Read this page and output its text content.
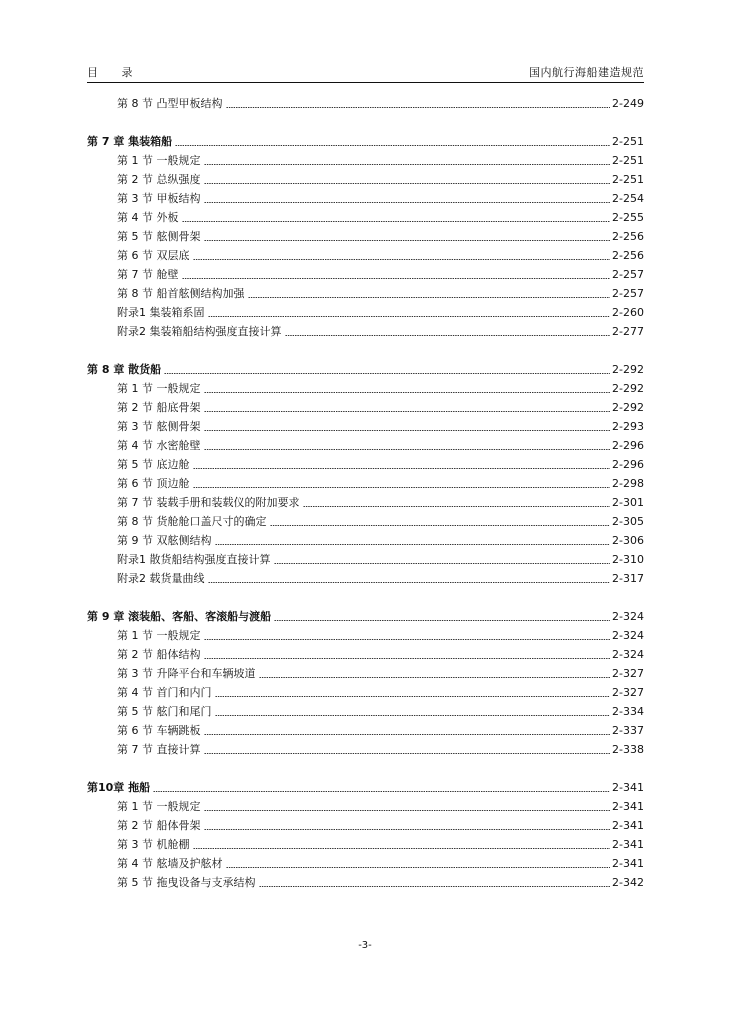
目 录	国内航行海船建造规范
第 8 节 凸型甲板结构	2-249
第 7 章 集装箱船	2-251
第 1 节 一般规定	2-251
第 2 节 总纵强度	2-251
第 3 节 甲板结构	2-254
第 4 节 外板	2-255
第 5 节 舷侧骨架	2-256
第 6 节 双层底	2-256
第 7 节 舱壁	2-257
第 8 节 船首舷侧结构加强	2-257
附录1 集装箱系固	2-260
附录2 集装箱船结构强度直接计算	2-277
第 8 章 散货船	2-292
第 1 节 一般规定	2-292
第 2 节 船底骨架	2-292
第 3 节 舷侧骨架	2-293
第 4 节 水密舱壁	2-296
第 5 节 底边舱	2-296
第 6 节 顶边舱	2-298
第 7 节 装载手册和装载仪的附加要求	2-301
第 8 节 货舱舱口盖尺寸的确定	2-305
第 9 节 双舷侧结构	2-306
附录1 散货船结构强度直接计算	2-310
附录2 载货量曲线	2-317
第 9 章 滚装船、客船、客滚船与渡船	2-324
第 1 节 一般规定	2-324
第 2 节 船体结构	2-324
第 3 节 升降平台和车辆坡道	2-327
第 4 节 首门和内门	2-327
第 5 节 舷门和尾门	2-334
第 6 节 车辆跳板	2-337
第 7 节 直接计算	2-338
第10章 拖船	2-341
第 1 节 一般规定	2-341
第 2 节 船体骨架	2-341
第 3 节 机舱棚	2-341
第 4 节 舷墙及护舷材	2-341
第 5 节 拖曳设备与支承结构	2-342
-3-
